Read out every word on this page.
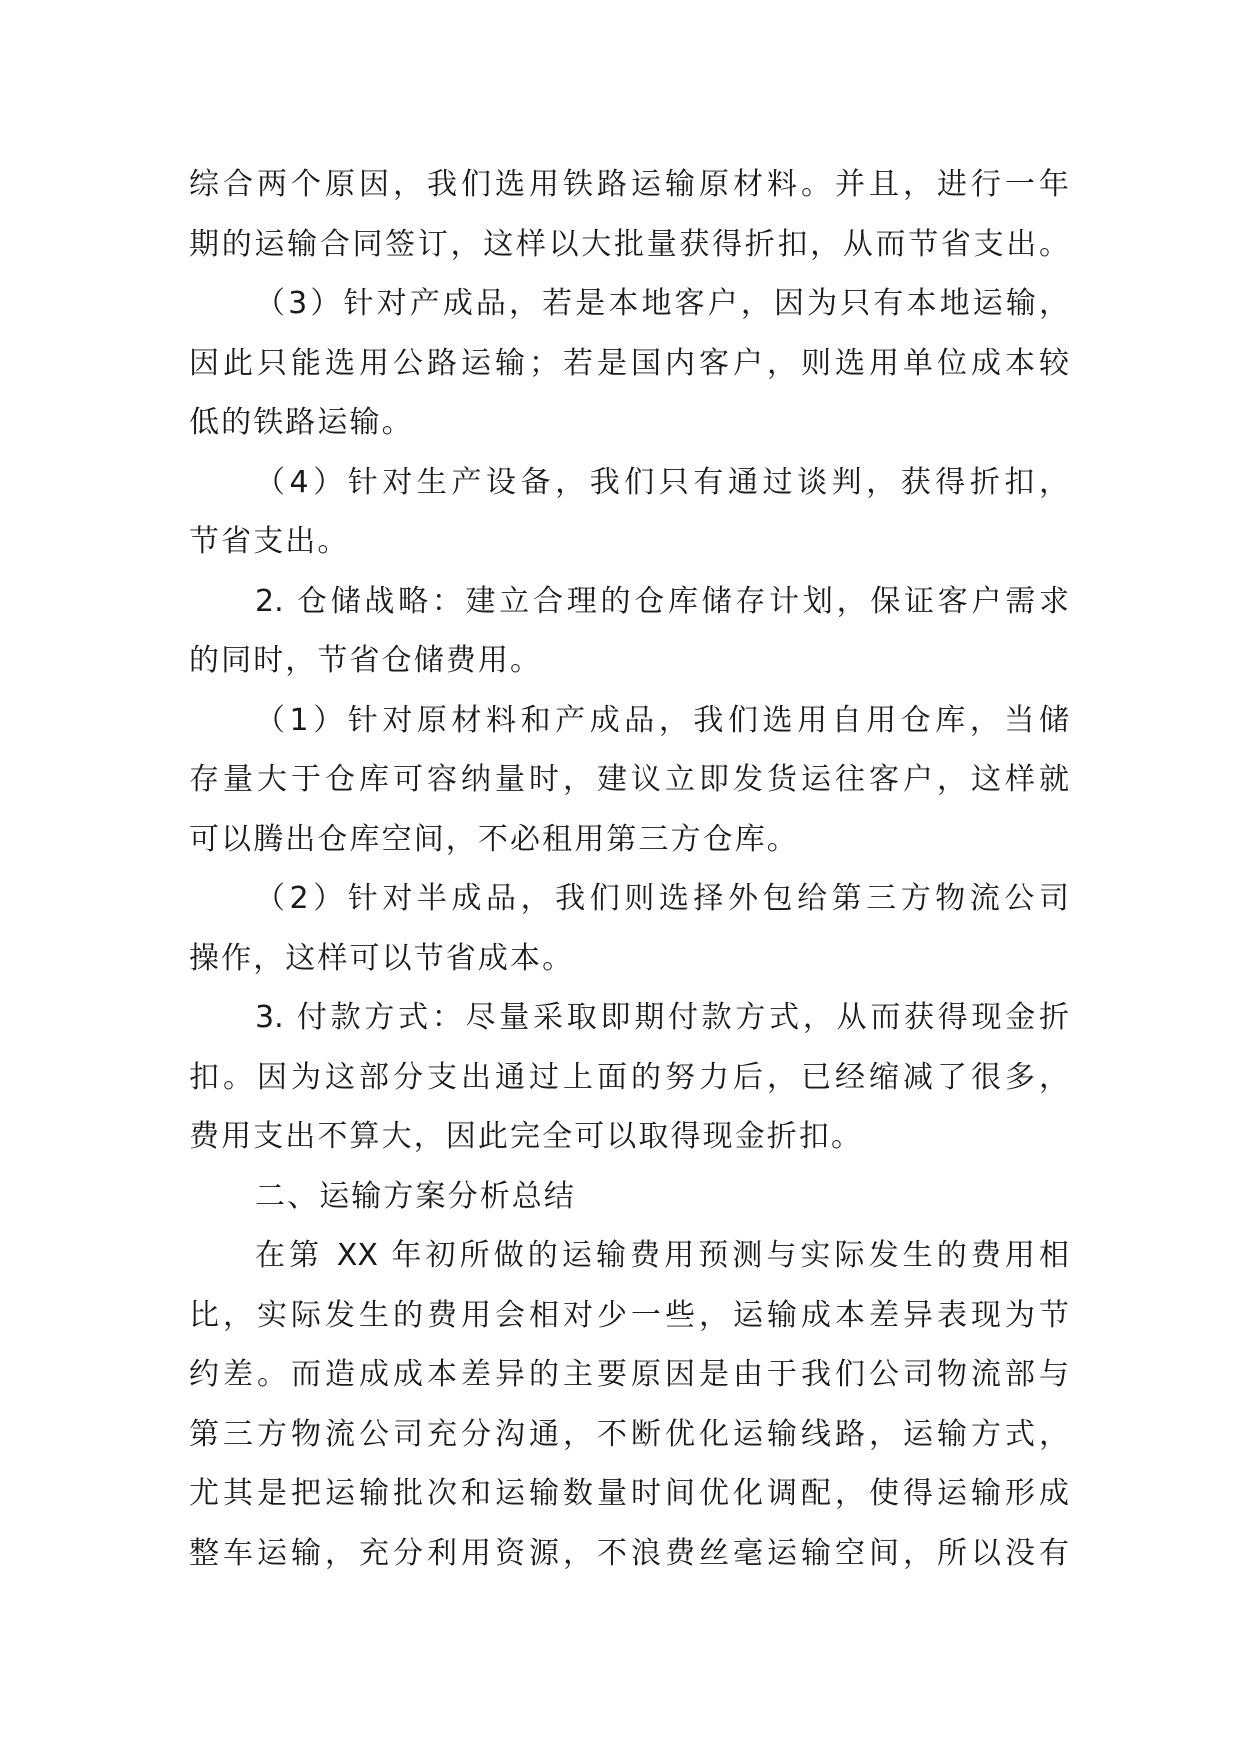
综合两个原因，我们选用铁路运输原材料。并且，进行一年
期的运输合同签订，这样以大批量获得折扣，从而节省支出。
（3）针对产成品，若是本地客户，因为只有本地运输，
因此只能选用公路运输；若是国内客户，则选用单位成本较
低的铁路运输。
（4）针对生产设备，我们只有通过谈判，获得折扣，
节省支出。
2. 仓储战略：建立合理的仓库储存计划，保证客户需求
的同时，节省仓储费用。
（1）针对原材料和产成品，我们选用自用仓库，当储
存量大于仓库可容纳量时，建议立即发货运往客户，这样就
可以腾出仓库空间，不必租用第三方仓库。
（2）针对半成品，我们则选择外包给第三方物流公司
操作，这样可以节省成本。
3. 付款方式：尽量采取即期付款方式，从而获得现金折
扣。因为这部分支出通过上面的努力后，已经缩减了很多，
费用支出不算大，因此完全可以取得现金折扣。
二、运输方案分析总结
在第 XX 年初所做的运输费用预测与实际发生的费用相
比，实际发生的费用会相对少一些，运输成本差异表现为节
约差。而造成成本差异的主要原因是由于我们公司物流部与
第三方物流公司充分沟通，不断优化运输线路，运输方式，
尤其是把运输批次和运输数量时间优化调配，使得运输形成
整车运输，充分利用资源，不浪费丝毫运输空间，所以没有
